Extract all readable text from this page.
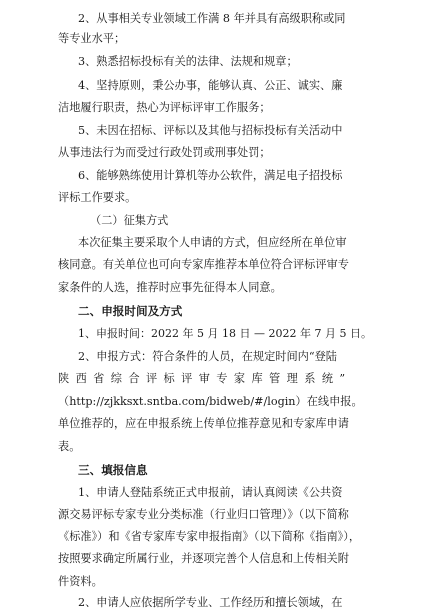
2、从事相关专业领域工作满 8 年并具有高级职称或同
等专业水平；
3、熟悉招标投标有关的法律、法规和规章；
4、坚持原则，秉公办事，能够认真、公正、诚实、廉
洁地履行职责，热心为评标评审工作服务；
5、未因在招标、评标以及其他与招标投标有关活动中
从事违法行为而受过行政处罚或刑事处罚；
6、能够熟练使用计算机等办公软件，满足电子招投标
评标工作要求。
（二）征集方式
本次征集主要采取个人申请的方式，但应经所在单位审
核同意。有关单位也可向专家库推荐本单位符合评标评审专
家条件的人选，推荐时应事先征得本人同意。
二、申报时间及方式
1、申报时间：2022 年 5 月 18 日 — 2022 年 7 月 5 日。
2、申报方式：符合条件的人员，在规定时间内“登陆
陕西省综合评标评审专家库管理系统”
（http://zjkksxt.sntba.com/bidweb/#/login）在线申报。
单位推荐的，应在申报系统上传单位推荐意见和专家库申请
表。
三、填报信息
1、申请人登陆系统正式申报前，请认真阅读《公共资
源交易评标专家专业分类标准（行业归口管理）》（以下简称
《标准》）和《省专家库专家申报指南》（以下简称《指南》），
按照要求确定所属行业，并逐项完善个人信息和上传相关附
件资料。
2、申请人应依据所学专业、工作经历和擅长领域，在
